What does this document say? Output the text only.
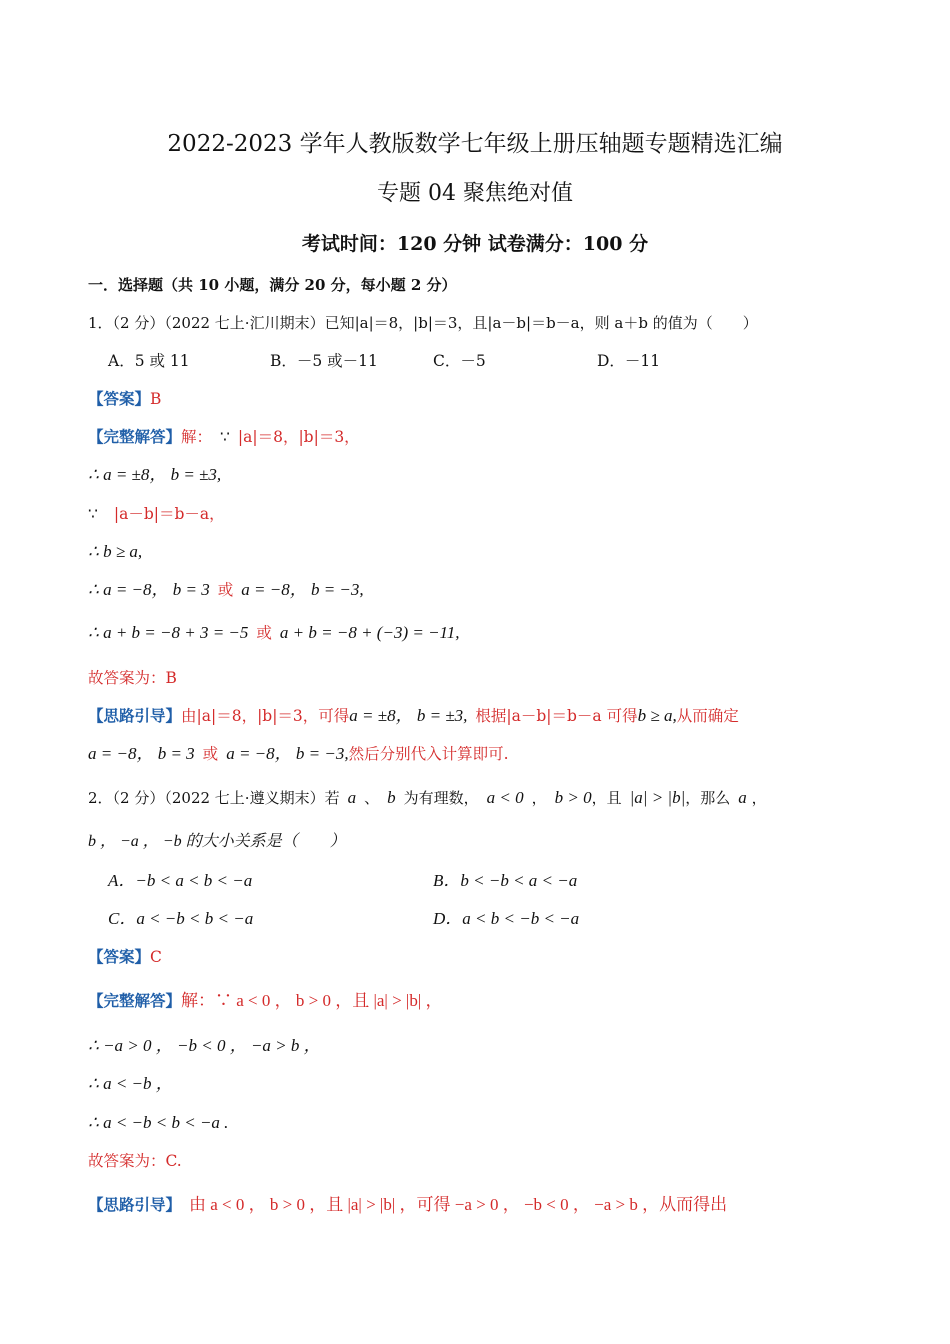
2022-2023 学年人教版数学七年级上册压轴题专题精选汇编
专题 04 聚焦绝对值
考试时间：120 分钟 试卷满分：100 分
一．选择题（共 10 小题，满分 20 分，每小题 2 分）
1．（2 分）（2022 七上·汇川期末）已知|a|＝8，|b|＝3，且|a－b|＝b－a，则 a＋b 的值为（　　）
A．5 或 11	B．－5 或－11	C．－5	D．－11
【答案】B
【完整解答】解： ∵ |a|＝8，|b|＝3，
∴ a = ±8， b = ±3,
∵ |a－b|＝b－a，
∴ b ≥ a,
∴ a = −8， b = 3 或 a = −8， b = −3,
∴ a + b = −8 + 3 = −5 或 a + b = −8 + (−3) = −11,
故答案为：B
【思路引导】由|a|＝8，|b|＝3，可得a = ±8， b = ±3, 根据|a－b|＝b－a 可得b ≥ a,从而确定
a = −8， b = 3 或 a = −8， b = −3,然后分别代入计算即可.
2．（2 分）（2022 七上·遵义期末）若 a 、 b 为有理数， a < 0 ， b > 0，且 |a| > |b|，那么 a ，
b ， −a ， −b 的大小关系是（　　）
A．−b < a < b < −a	B．b < −b < a < −a
C．a < −b < b < −a	D．a < b < −b < −a
【答案】C
【完整解答】解：∵ a < 0 ， b > 0 ，且 |a| > |b| ，
∴ −a > 0 ， −b < 0 ， −a > b ，
∴ a < −b ，
∴ a < −b < b < −a .
故答案为：C.
【思路引导】 由 a < 0 ， b > 0 ，且 |a| > |b| ，可得 −a > 0 ， −b < 0 ， −a > b ，从而得出
